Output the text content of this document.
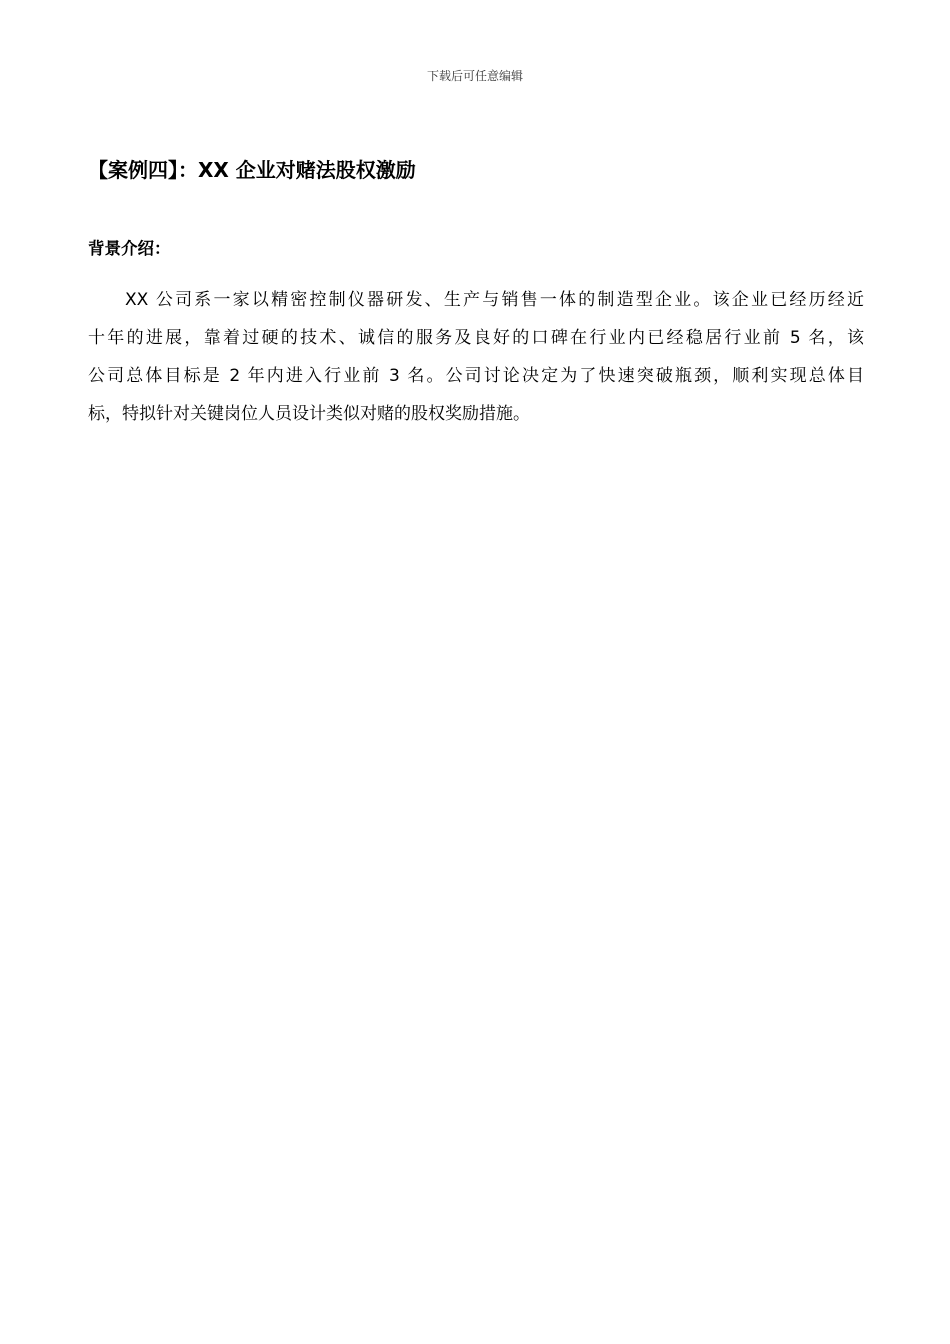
下载后可任意编辑
【案例四】：XX 企业对赌法股权激励
背景介绍：

XX 公司系一家以精密控制仪器研发、生产与销售一体的制造型企业。该企业已经历经近
十年的进展，靠着过硬的技术、诚信的服务及良好的口碑在行业内已经稳居行业前 5 名，该
公司总体目标是 2 年内进入行业前 3 名。公司讨论决定为了快速突破瓶颈，顺利实现总体目
标，特拟针对关键岗位人员设计类似对赌的股权奖励措施。
